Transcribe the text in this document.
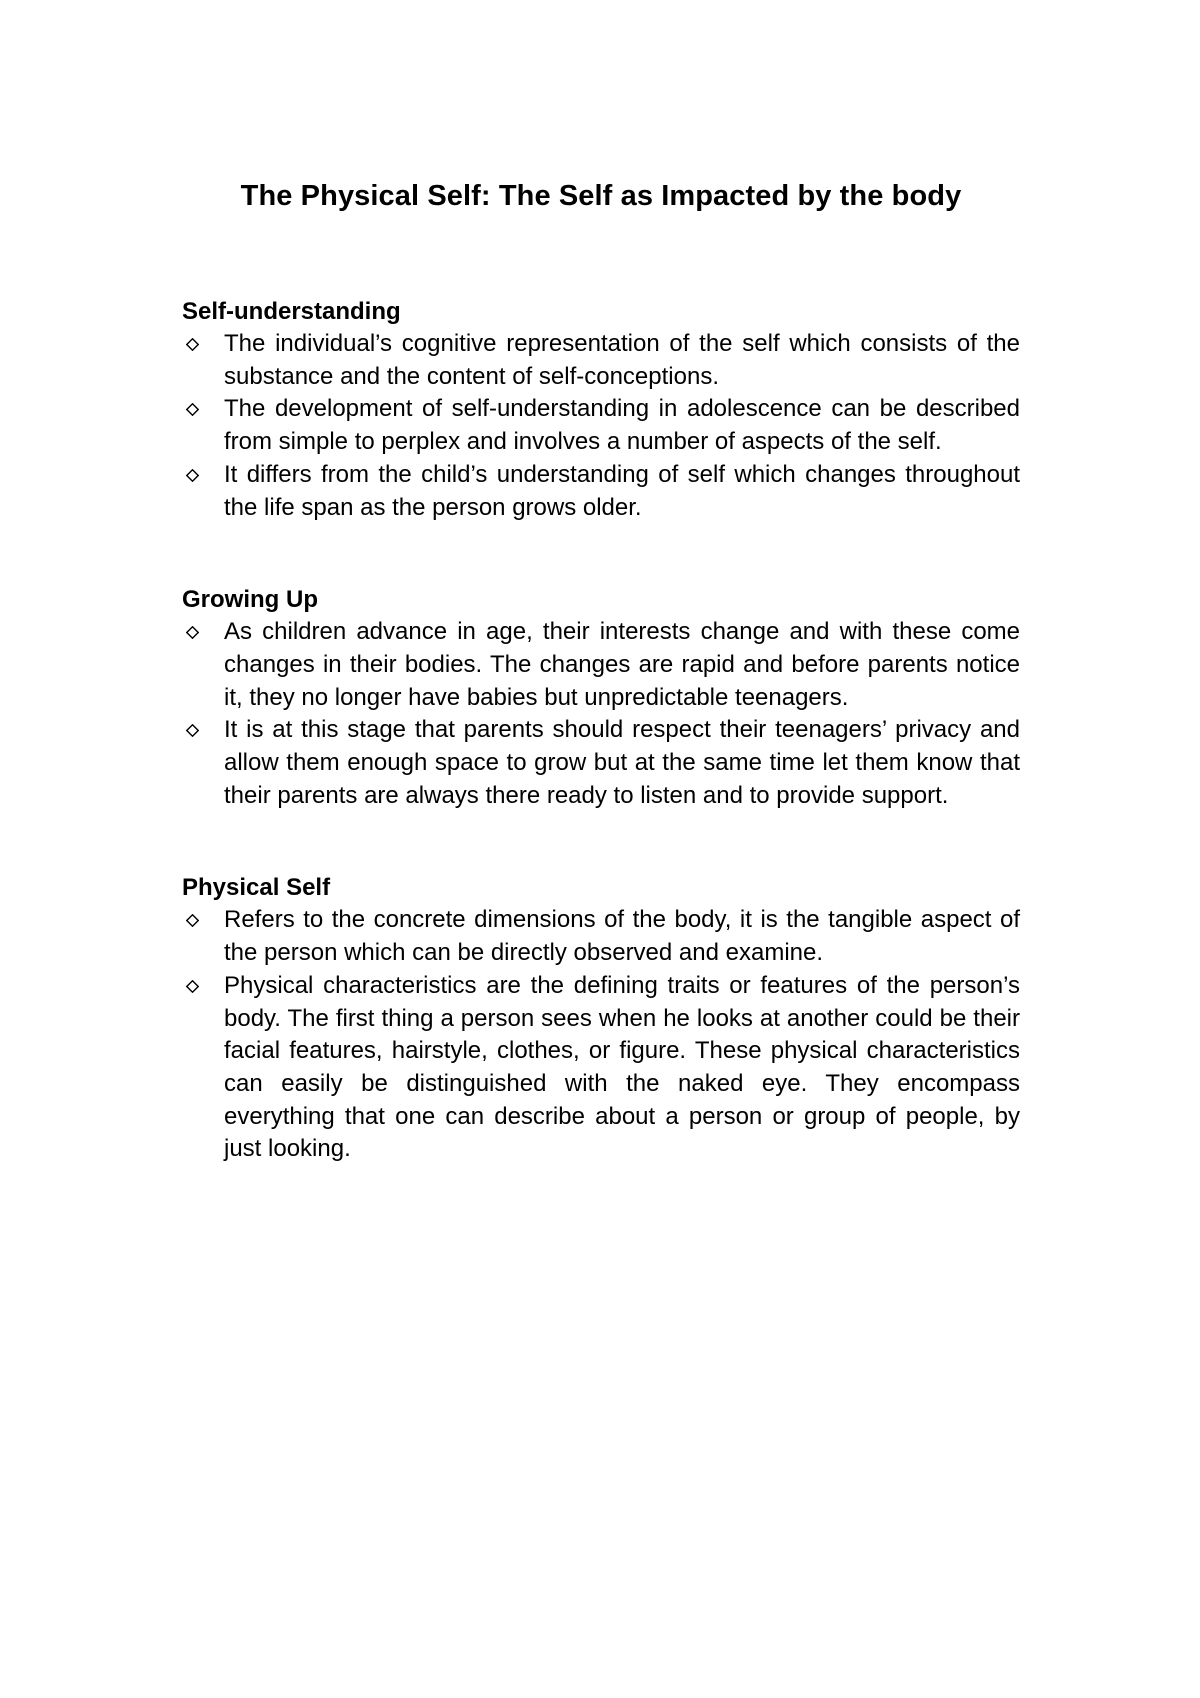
The Physical Self: The Self as Impacted by the body
Self-understanding
The individual’s cognitive representation of the self which consists of the substance and the content of self-conceptions.
The development of self-understanding in adolescence can be described from simple to perplex and involves a number of aspects of the self.
It differs from the child’s understanding of self which changes throughout the life span as the person grows older.
Growing Up
As children advance in age, their interests change and with these come changes in their bodies. The changes are rapid and before parents notice it, they no longer have babies but unpredictable teenagers.
It is at this stage that parents should respect their teenagers’ privacy and allow them enough space to grow but at the same time let them know that their parents are always there ready to listen and to provide support.
Physical Self
Refers to the concrete dimensions of the body, it is the tangible aspect of the person which can be directly observed and examine.
Physical characteristics are the defining traits or features of the person’s body. The first thing a person sees when he looks at another could be their facial features, hairstyle, clothes, or figure. These physical characteristics can easily be distinguished with the naked eye. They encompass everything that one can describe about a person or group of people, by just looking.
